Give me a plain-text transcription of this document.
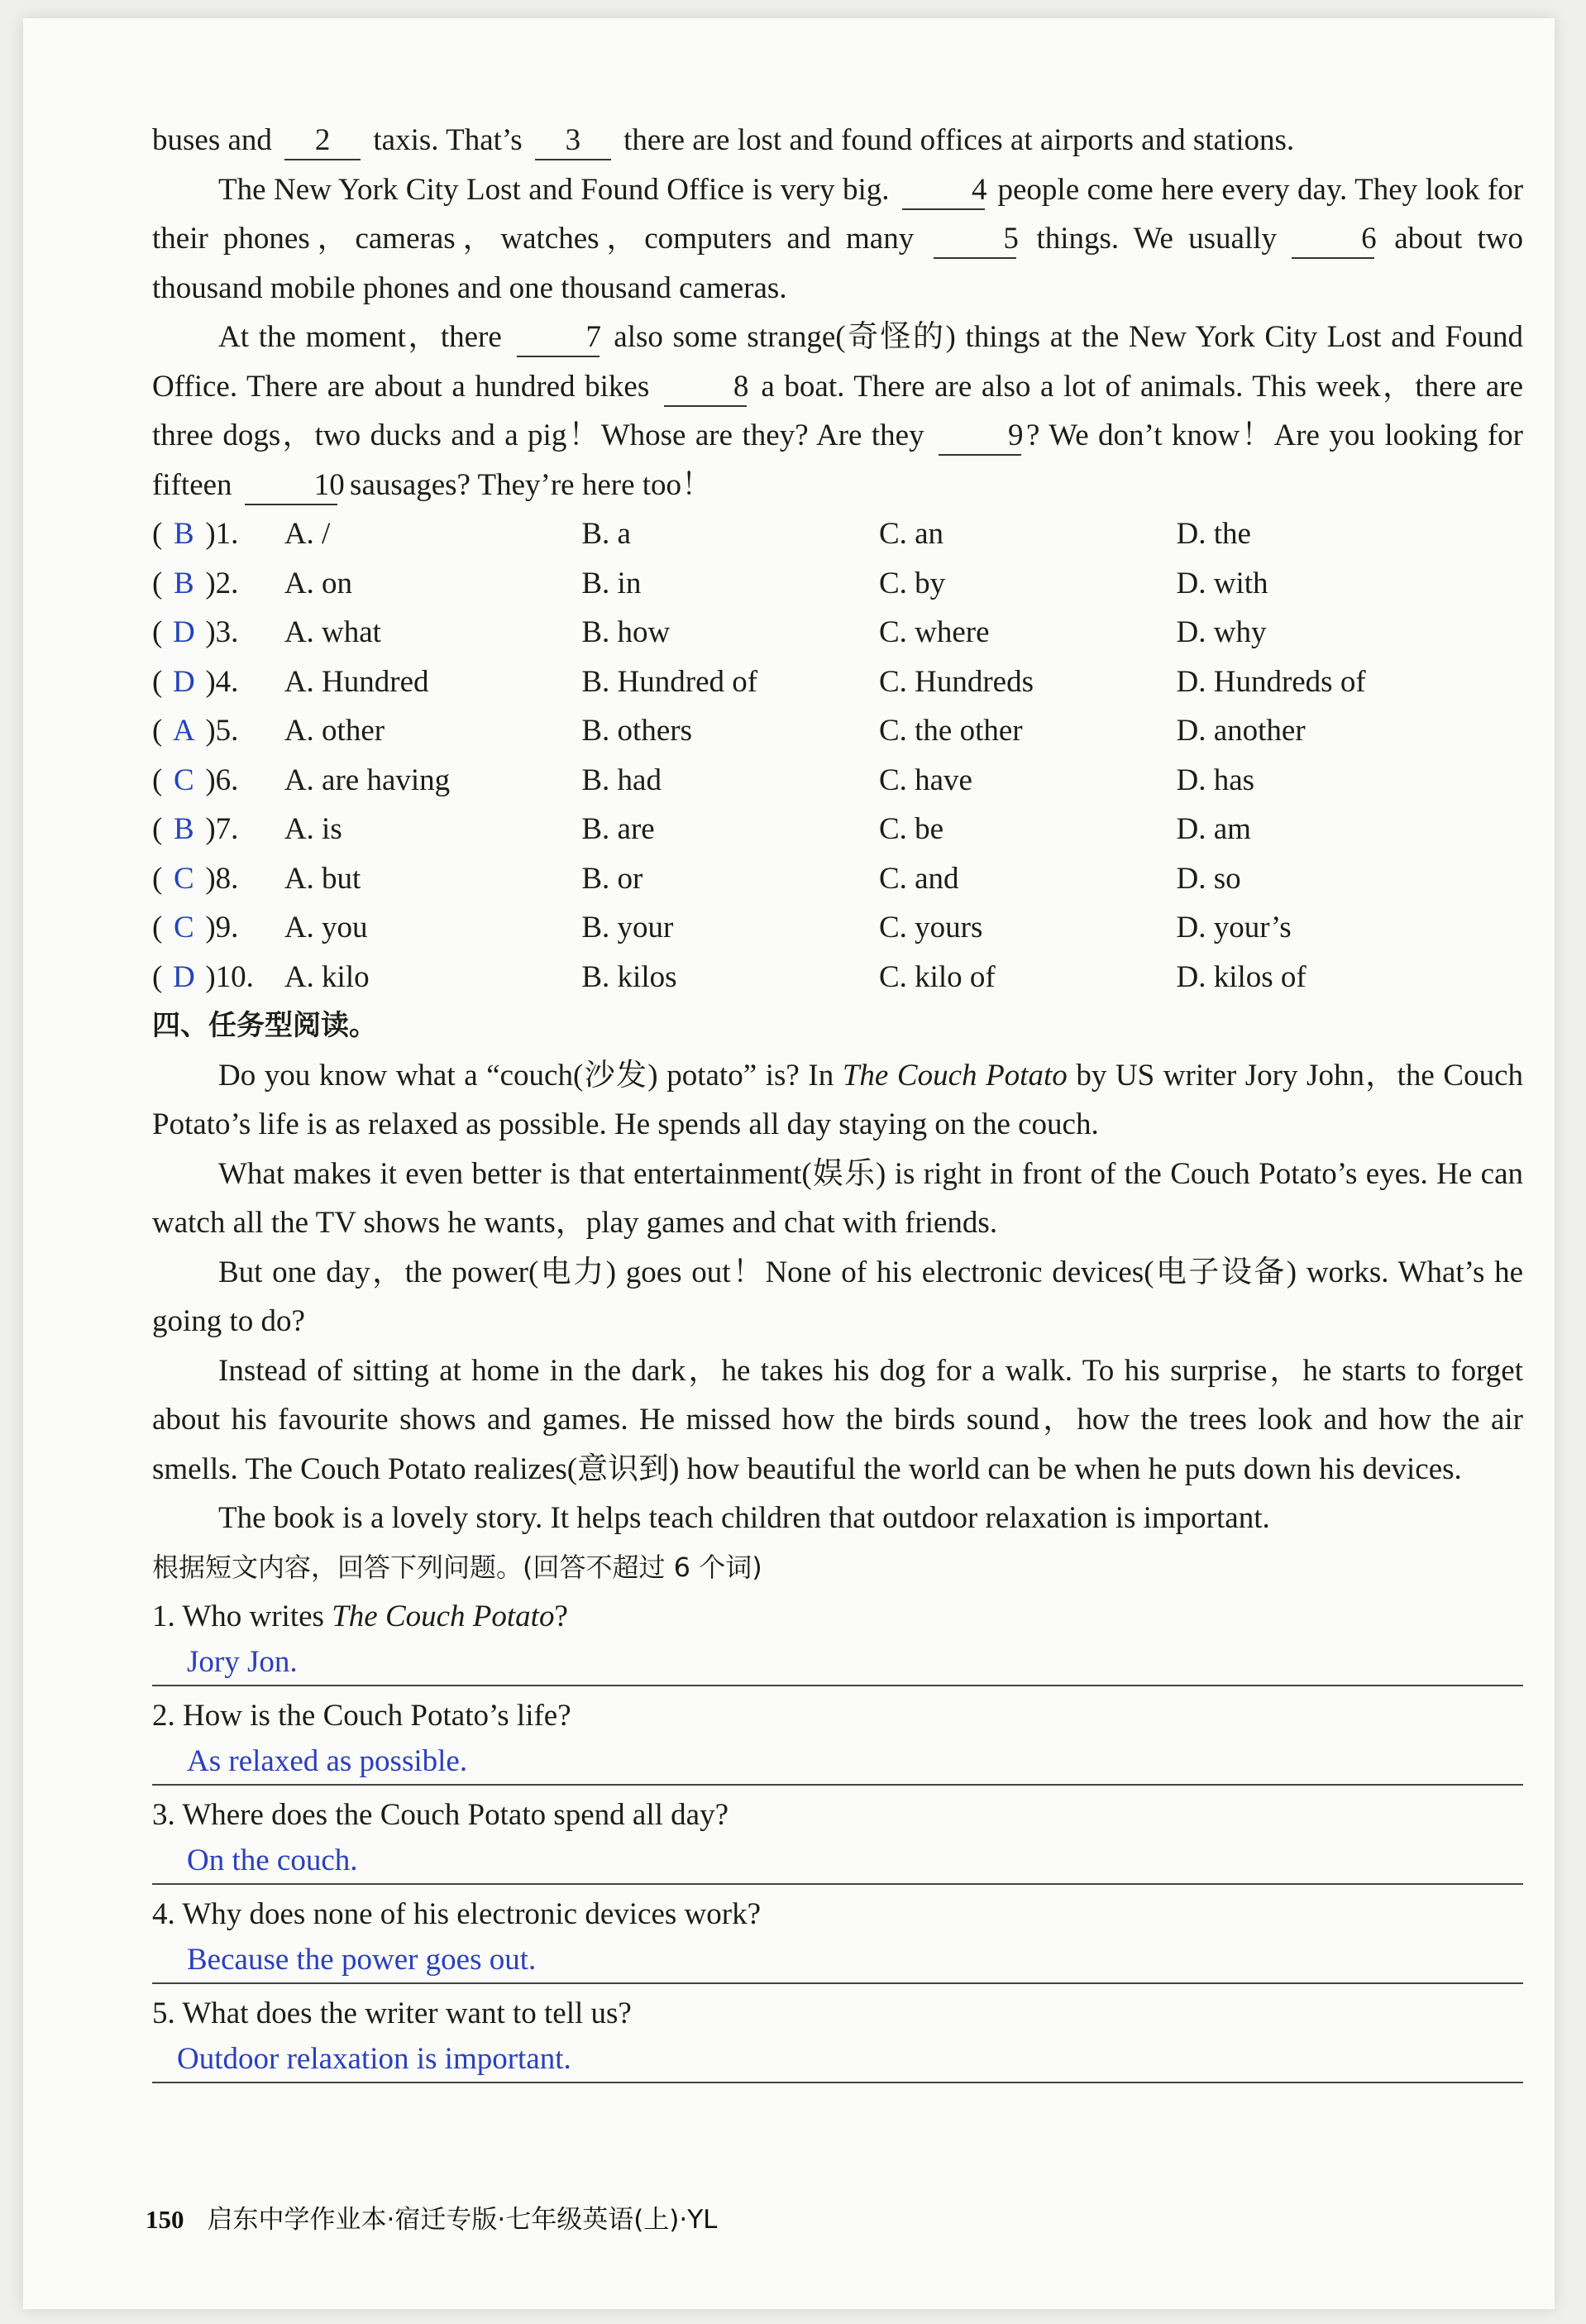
buses and 2 taxis. That’s 3 there are lost and found offices at airports and stations.

The New York City Lost and Found Office is very big.	4 people come here every day. They look for their phones，cameras，watches，computers and many	5 things. We usually	6 about two thousand mobile phones and one thousand cameras.

At the moment，there	7 also some strange(奇怪的) things at the New York City Lost and Found Office. There are about a hundred bikes	8 a boat. There are also a lot of animals. This week，there are three dogs，two ducks and a pig！Whose are they? Are they	9? We don’t know！Are you looking for fifteen	10 sausages? They’re here too！

( B )1.	A. /	B. a	C. an	D. the
( B )2.	A. on	B. in	C. by	D. with
( D )3.	A. what	B. how	C. where	D. why
( D )4.	A. Hundred	B. Hundred of	C. Hundreds	D. Hundreds of
( A )5.	A. other	B. others	C. the other	D. another
( C )6.	A. are having	B. had	C. have	D. has
( B )7.	A. is	B. are	C. be	D. am
( C )8.	A. but	B. or	C. and	D. so
( C )9.	A. you	B. your	C. yours	D. your’s
( D )10. A. kilo	B. kilos	C. kilo of	D. kilos of
四、任务型阅读。

Do you know what a “couch(沙发) potato” is? In The Couch Potato by US writer Jory John，the Couch Potato’s life is as relaxed as possible. He spends all day staying on the couch.

What makes it even better is that entertainment(娱乐) is right in front of the Couch Potato’s eyes. He can watch all the TV shows he wants，play games and chat with friends.

But one day，the power(电力) goes out！None of his electronic devices(电子设备) works. What’s he going to do?

Instead of sitting at home in the dark，he takes his dog for a walk. To his surprise，he starts to forget about his favourite shows and games. He missed how the birds sound，how the trees look and how the air smells. The Couch Potato realizes(意识到) how beautiful the world can be when he puts down his devices.

The book is a lovely story. It helps teach children that outdoor relaxation is important.

根据短文内容，回答下列问题。(回答不超过 6 个词)
1. Who writes The Couch Potato?
Jory Jon.
2. How is the Couch Potato’s life?
As relaxed as possible.
3. Where does the Couch Potato spend all day?
On the couch.
4. Why does none of his electronic devices work?
Because the power goes out.
5. What does the writer want to tell us?
Outdoor relaxation is important.
150 启东中学作业本·宿迁专版·七年级英语(上)·YL
